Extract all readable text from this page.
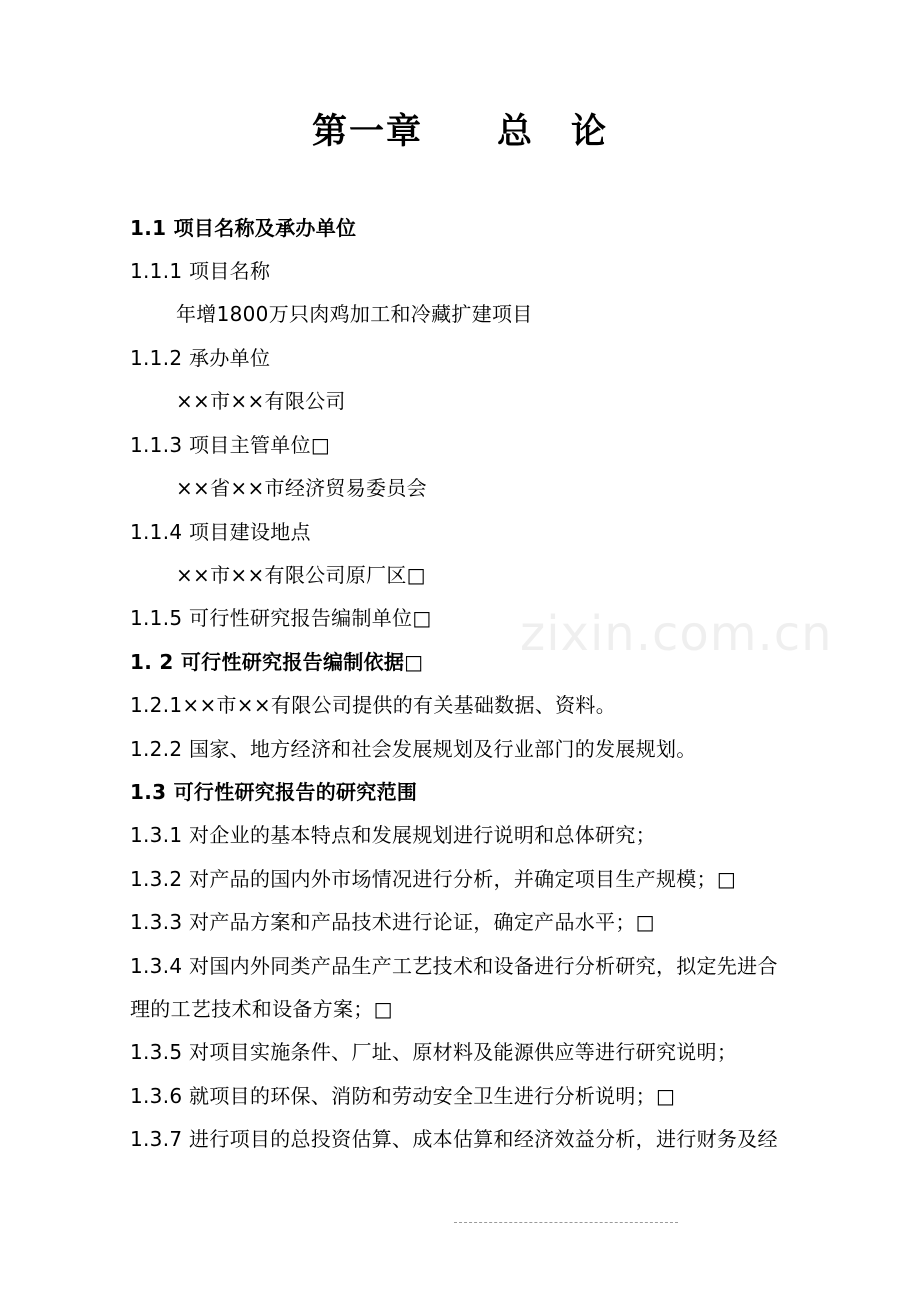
zixin.com.cn
第一章　　总　论
1.1 项目名称及承办单位
1.1.1 项目名称
年增1800万只肉鸡加工和冷藏扩建项目
1.1.2 承办单位
××市××有限公司
1.1.3 项目主管单位□
××省××市经济贸易委员会
1.1.4 项目建设地点
××市××有限公司原厂区□
1.1.5 可行性研究报告编制单位□
1. 2 可行性研究报告编制依据□
1.2.1××市××有限公司提供的有关基础数据、资料。
1.2.2 国家、地方经济和社会发展规划及行业部门的发展规划。
1.3 可行性研究报告的研究范围
1.3.1 对企业的基本特点和发展规划进行说明和总体研究；
1.3.2 对产品的国内外市场情况进行分析，并确定项目生产规模；□
1.3.3 对产品方案和产品技术进行论证，确定产品水平；□
1.3.4 对国内外同类产品生产工艺技术和设备进行分析研究，拟定先进合
理的工艺技术和设备方案；□
1.3.5 对项目实施条件、厂址、原材料及能源供应等进行研究说明；
1.3.6 就项目的环保、消防和劳动安全卫生进行分析说明；□
1.3.7 进行项目的总投资估算、成本估算和经济效益分析，进行财务及经
